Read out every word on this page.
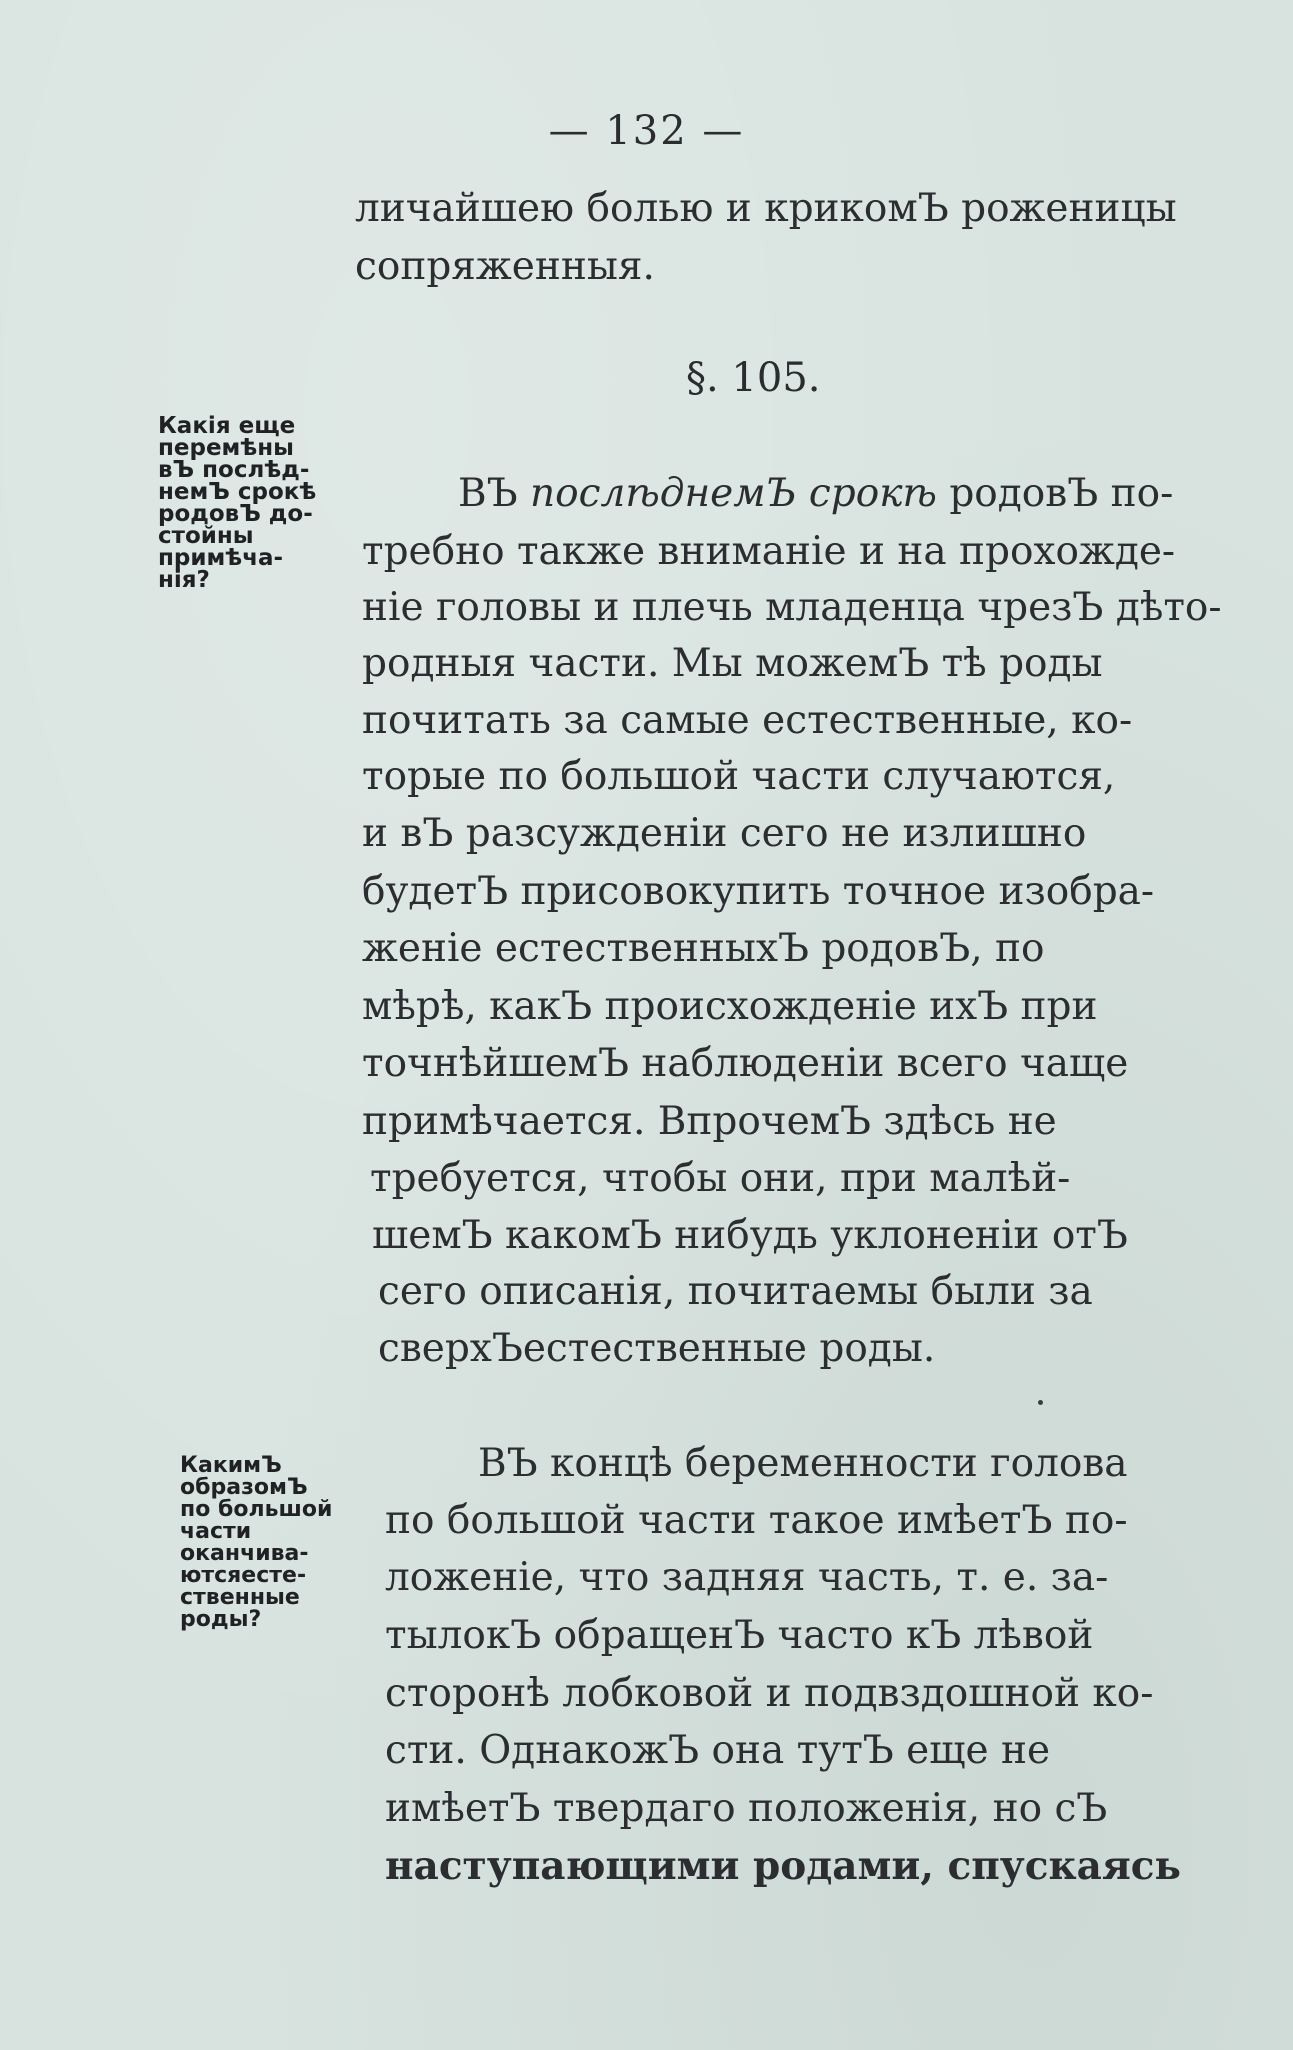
— 132 —
личайшею болью и крикомЪ роженицы
сопряженныя.
§. 105.
Какія еще
перемѣны
вЪ послѣд-
немЪ срокѣ
родовЪ до-
стойны
примѣча-
нія?
ВЪ послѣднемЪ срокѣ родовЪ по-
требно также вниманіе и на прохожде-
ніе головы и плечь младенца чрезЪ дѣто-
родныя части. Мы можемЪ тѣ роды
почитать за самые естественные, ко-
торые по большой части случаются,
и вЪ разсужденіи сего не излишно
будетЪ присовокупить точное изобра-
женіе естественныхЪ родовЪ, по
мѣрѣ, какЪ происхожденіе ихЪ при
точнѣйшемЪ наблюденіи всего чаще
примѣчается. ВпрочемЪ здѣсь не
требуется, чтобы они, при малѣй-
шемЪ какомЪ нибудь уклоненіи отЪ
сего описанія, почитаемы были за
сверхЪестественные роды.
КакимЪ
образомЪ
по большой
части
оканчива-
ютсяесте-
ственные
роды?
ВЪ концѣ беременности голова
по большой части такое имѣетЪ по-
ложеніе, что задняя часть, т. е. за-
тылокЪ обращенЪ часто кЪ лѣвой
сторонѣ лобковой и подвздошной ко-
сти. ОднакожЪ она тутЪ еще не
имѣетЪ твердаго положенія, но сЪ
наступающими родами, спускаясь
